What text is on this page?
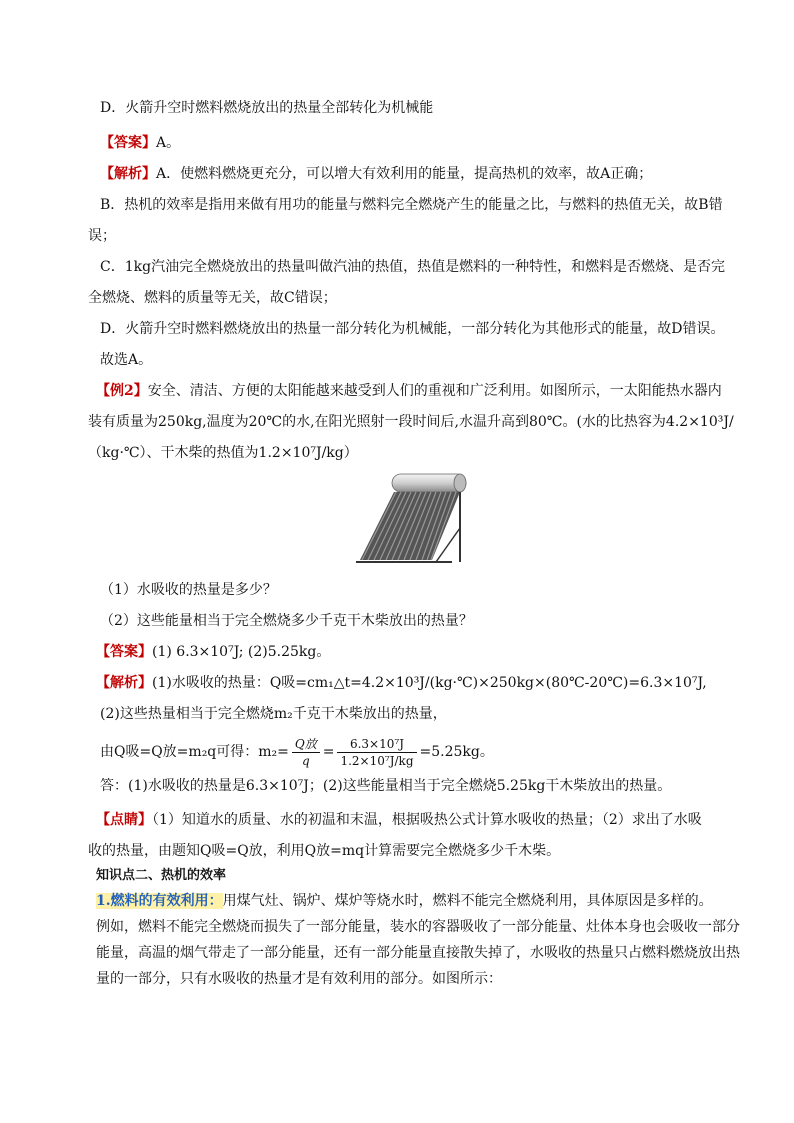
D．火箭升空时燃料燃烧放出的热量全部转化为机械能
【答案】A。
【解析】A．使燃料燃烧更充分，可以增大有效利用的能量，提高热机的效率，故A正确；
B．热机的效率是指用来做有用功的能量与燃料完全燃烧产生的能量之比，与燃料的热值无关，故B错
误；
C．1kg汽油完全燃烧放出的热量叫做汽油的热值，热值是燃料的一种特性，和燃料是否燃烧、是否完
全燃烧、燃料的质量等无关，故C错误；
D．火箭升空时燃料燃烧放出的热量一部分转化为机械能，一部分转化为其他形式的能量，故D错误。
故选A。
【例2】安全、清洁、方便的太阳能越来越受到人们的重视和广泛利用。如图所示，一太阳能热水器内
装有质量为250kg,温度为20℃的水,在阳光照射一段时间后,水温升高到80℃。(水的比热容为4.2×10³J/
（kg·℃）、干木柴的热值为1.2×10⁷J/kg）
（1）水吸收的热量是多少？
（2）这些能量相当于完全燃烧多少千克干木柴放出的热量？
【答案】(1) 6.3×10⁷J; (2)5.25kg。
【解析】(1)水吸收的热量：Q吸=cm₁△t=4.2×10³J/(kg·℃)×250kg×(80℃-20℃)=6.3×10⁷J,
(2)这些热量相当于完全燃烧m₂千克干木柴放出的热量，
由Q吸=Q放=m₂q可得：$m_2= \frac{\text{Q放}}{q} = \frac{\text{6.3×10⁷J}}{\text{1.2×10⁷J/kg}} =5.25kg$。
答：(1)水吸收的热量是6.3×10⁷J；(2)这些能量相当于完全燃烧5.25kg干木柴放出的热量。
【点睛】（1）知道水的质量、水的初温和末温，根据吸热公式计算水吸收的热量；（2）求出了水吸
收的热量，由题知Q吸=Q放，利用Q放=mq计算需要完全燃烧多少千木柴。
知识点二、热机的效率
1.燃料的有效利用：用煤气灶、锅炉、煤炉等烧水时，燃料不能完全燃烧利用，具体原因是多样的。
例如，燃料不能完全燃烧而损失了一部分能量，装水的容器吸收了一部分能量、灶体本身也会吸收一部分
能量，高温的烟气带走了一部分能量，还有一部分能量直接散失掉了，水吸收的热量只占燃料燃烧放出热
量的一部分，只有水吸收的热量才是有效利用的部分。如图所示：
